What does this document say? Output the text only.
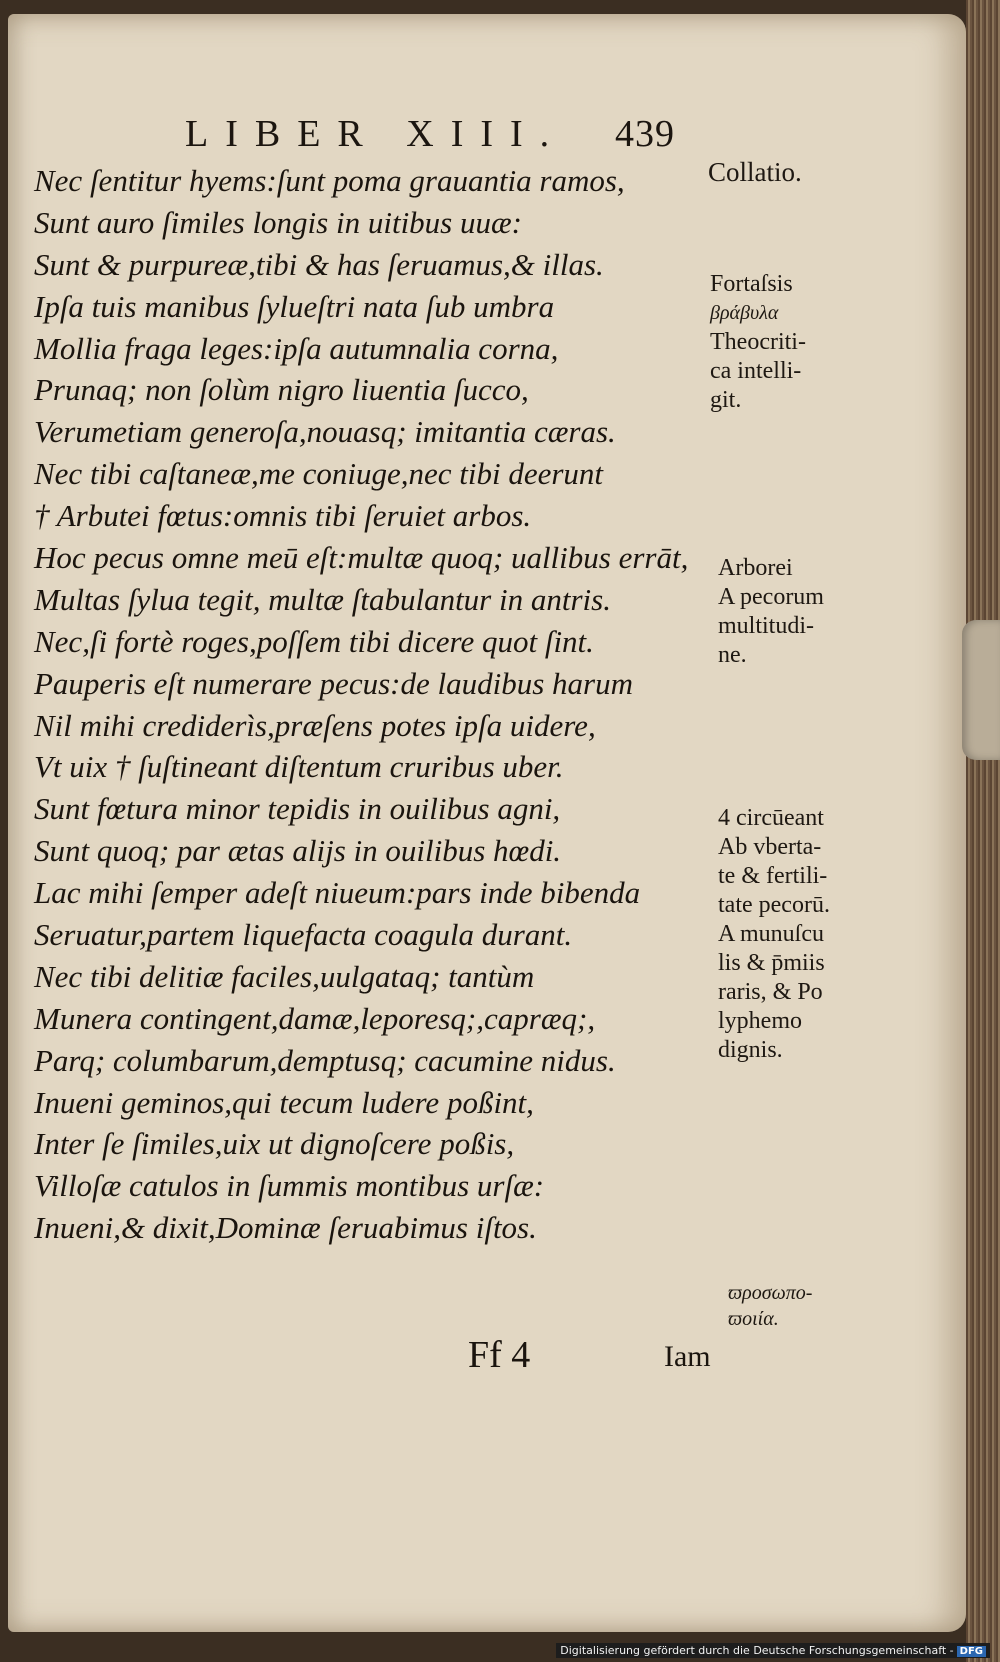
LIBER XIII. 439
Nec ſentitur hyems:ſunt poma grauantia ramos,
Sunt auro ſimiles longis in uitibus uuæ:
Sunt & purpureæ,tibi & has ſeruamus,& illas.
Ipſa tuis manibus ſylueſtri nata ſub umbra
Mollia fraga leges:ipſa autumnalia corna,
Prunaq; non ſolùm nigro liuentia ſucco,
Verumetiam generoſa,nouasq; imitantia cæras.
Nec tibi caſtaneæ,me coniuge,nec tibi deerunt
† Arbutei fœtus:omnis tibi ſeruiet arbos.
Hoc pecus omne meū eſt:multæ quoq; uallibus errāt,
Multas ſylua tegit, multæ ſtabulantur in antris.
Nec,ſi fortè roges,poſſem tibi dicere quot ſint.
Pauperis eſt numerare pecus:de laudibus harum
Nil mihi crediderìs,præſens potes ipſa uidere,
Vt uix † ſuſtineant diſtentum cruribus uber.
Sunt fœtura minor tepidis in ouilibus agni,
Sunt quoq; par ætas alijs in ouilibus hœdi.
Lac mihi ſemper adeſt niueum:pars inde bibenda
Seruatur,partem liquefacta coagula durant.
Nec tibi delitiæ faciles,uulgataq; tantùm
Munera contingent,damæ,leporesq;,capræq;,
Parq; columbarum,demptusq; cacumine nidus.
Inueni geminos,qui tecum ludere poßint,
Inter ſe ſimiles,uix ut dignoſcere poßis,
Villoſæ catulos in ſummis montibus urſæ:
Inueni,& dixit,Dominæ ſeruabimus iſtos.
Collatio.
Fortaſsis
βράβυλα
Theocriti-
ca intelli-
git.
Arborei
A pecorum
multitudi-
ne.
4 circūeant
Ab vberta-
te & fertili-
tate pecorū.
A munuſcu
lis & p̄miis
raris, & Po
lyphemo
dignis.
ϖροσωπο-
ϖοιία.
Ff 4	Iam
Digitalisierung gefördert durch die Deutsche Forschungsgemeinschaft - DFG
